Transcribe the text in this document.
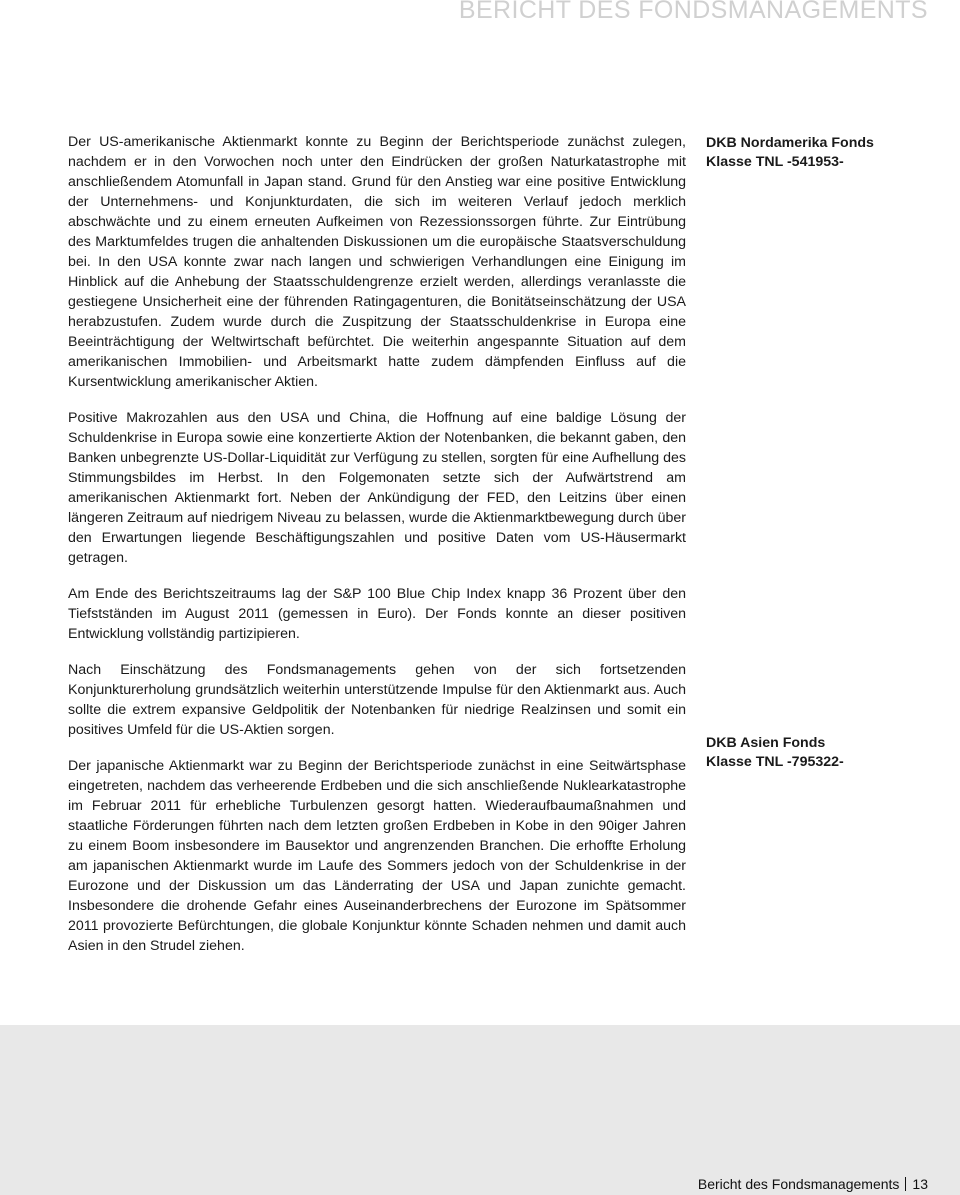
BERICHT DES FONDSMANAGEMENTS

Der US-amerikanische Aktienmarkt konnte zu Beginn der Berichtsperiode zunächst zulegen, nachdem er in den Vorwochen noch unter den Eindrücken der großen Naturkatastrophe mit anschließendem Atomunfall in Japan stand. Grund für den Anstieg war eine positive Entwicklung der Unternehmens- und Konjunkturdaten, die sich im weiteren Verlauf jedoch merklich abschwächte und zu einem erneuten Aufkeimen von Rezessionssorgen führte. Zur Eintrübung des Marktumfeldes trugen die anhaltenden Diskussionen um die europäische Staatsverschuldung bei. In den USA konnte zwar nach langen und schwierigen Verhandlungen eine Einigung im Hinblick auf die Anhebung der Staatsschuldengrenze erzielt werden, allerdings veranlasste die gestiegene Unsicherheit eine der führenden Ratingagenturen, die Bonitätseinschätzung der USA herabzustufen. Zudem wurde durch die Zuspitzung der Staatsschuldenkrise in Europa eine Beeinträchtigung der Weltwirtschaft befürchtet. Die weiterhin angespannte Situation auf dem amerikanischen Immobilien- und Arbeitsmarkt hatte zudem dämpfenden Einfluss auf die Kursentwicklung amerikanischer Aktien.

Positive Makrozahlen aus den USA und China, die Hoffnung auf eine baldige Lösung der Schuldenkrise in Europa sowie eine konzertierte Aktion der Notenbanken, die bekannt gaben, den Banken unbegrenzte US-Dollar-Liquidität zur Verfügung zu stellen, sorgten für eine Aufhellung des Stimmungsbildes im Herbst. In den Folgemonaten setzte sich der Aufwärtstrend am amerikanischen Aktienmarkt fort. Neben der Ankündigung der FED, den Leitzins über einen längeren Zeitraum auf niedrigem Niveau zu belassen, wurde die Aktienmarktbewegung durch über den Erwartungen liegende Beschäftigungszahlen und positive Daten vom US-Häusermarkt getragen.

Am Ende des Berichtszeitraums lag der S&P 100 Blue Chip Index knapp 36 Prozent über den Tiefstständen im August 2011 (gemessen in Euro). Der Fonds konnte an dieser positiven Entwicklung vollständig partizipieren.

Nach Einschätzung des Fondsmanagements gehen von der sich fortsetzenden Konjunkturerholung grundsätzlich weiterhin unterstützende Impulse für den Aktienmarkt aus. Auch sollte die extrem expansive Geldpolitik der Notenbanken für niedrige Realzinsen und somit ein positives Umfeld für die US-Aktien sorgen.

Der japanische Aktienmarkt war zu Beginn der Berichtsperiode zunächst in eine Seitwärtsphase eingetreten, nachdem das verheerende Erdbeben und die sich anschließende Nuklearkatastrophe im Februar 2011 für erhebliche Turbulenzen gesorgt hatten. Wiederaufbaumaßnahmen und staatliche Förderungen führten nach dem letzten großen Erdbeben in Kobe in den 90iger Jahren zu einem Boom insbesondere im Bausektor und angrenzenden Branchen. Die erhoffte Erholung am japanischen Aktienmarkt wurde im Laufe des Sommers jedoch von der Schuldenkrise in der Eurozone und der Diskussion um das Länderrating der USA und Japan zunichte gemacht. Insbesondere die drohende Gefahr eines Auseinanderbrechens der Eurozone im Spätsommer 2011 provozierte Befürchtungen, die globale Konjunktur könnte Schaden nehmen und damit auch Asien in den Strudel ziehen.

DKB Nordamerika Fonds
Klasse TNL -541953-
DKB Asien Fonds
Klasse TNL -795322-
Bericht des Fondsmanagements 13
